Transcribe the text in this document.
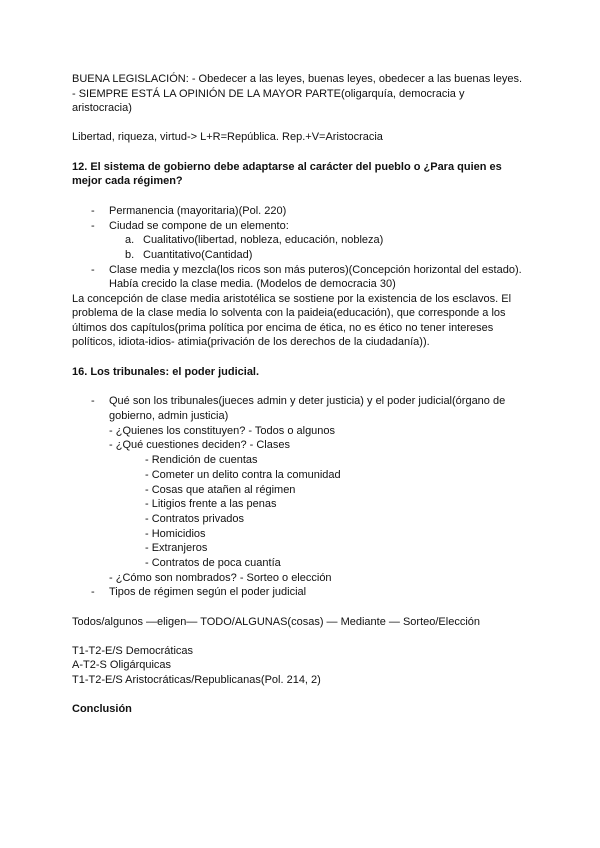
BUENA LEGISLACIÓN: - Obedecer a las leyes, buenas leyes, obedecer a las buenas leyes.
- SIEMPRE ESTÁ LA OPINIÓN DE LA MAYOR PARTE(oligarquía, democracia y
aristocracia)
Libertad, riqueza, virtud-> L+R=República. Rep.+V=Aristocracia
12. El sistema de gobierno debe adaptarse al carácter del pueblo o ¿Para quien es
mejor cada régimen?
- Permanencia (mayoritaria)(Pol. 220)
- Ciudad se compone de un elemento:
a. Cualitativo(libertad, nobleza, educación, nobleza)
b. Cuantitativo(Cantidad)
- Clase media y mezcla(los ricos son más puteros)(Concepción horizontal del estado).
Había crecido la clase media. (Modelos de democracia 30)
La concepción de clase media aristotélica se sostiene por la existencia de los esclavos. El
problema de la clase media lo solventa con la paideia(educación), que corresponde a los
últimos dos capítulos(prima política por encima de ética, no es ético no tener intereses
políticos, idiota-idios- atimia(privación de los derechos de la ciudadanía)).
16. Los tribunales: el poder judicial.
- Qué son los tribunales(jueces admin y deter justicia) y el poder judicial(órgano de
gobierno, admin justicia)
- ¿Quienes los constituyen? - Todos o algunos
- ¿Qué cuestiones deciden? - Clases
- Rendición de cuentas
- Cometer un delito contra la comunidad
- Cosas que atañen al régimen
- Litigios frente a las penas
- Contratos privados
- Homicidios
- Extranjeros
- Contratos de poca cuantía
- ¿Cómo son nombrados? - Sorteo o elección
- Tipos de régimen según el poder judicial
Todos/algunos —eligen— TODO/ALGUNAS(cosas) — Mediante — Sorteo/Elección
T1-T2-E/S Democráticas
A-T2-S Oligárquicas
T1-T2-E/S Aristocráticas/Republicanas(Pol. 214, 2)
Conclusión
